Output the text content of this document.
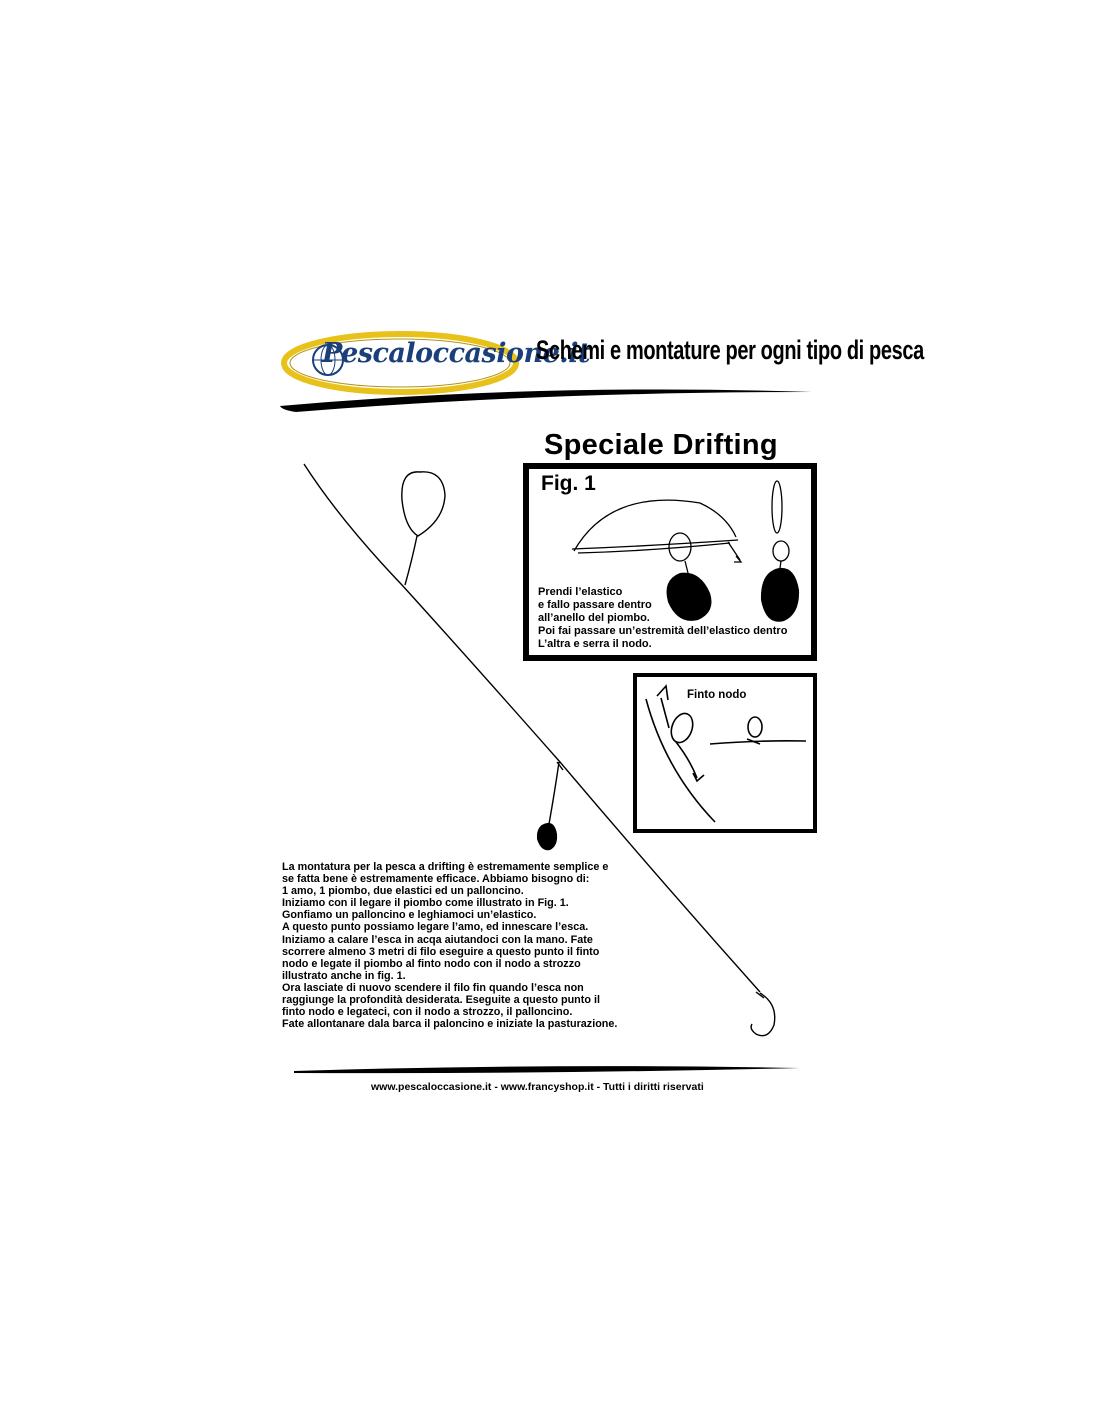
Pescaloccasione.it
Schemi e montature per ogni tipo di pesca
Speciale Drifting
Fig. 1
Prendi l’elastico
e fallo passare dentro
all’anello del piombo.
Poi fai passare un’estremità dell’elastico dentro
L’altra e serra il nodo.
Finto nodo
La montatura per la pesca a drifting è estremamente semplice e
se fatta bene è estremamente efficace. Abbiamo bisogno di:
1 amo, 1 piombo, due elastici ed un palloncino.
Iniziamo con il legare il piombo come illustrato in Fig. 1.
Gonfiamo un palloncino e leghiamoci un’elastico.
A questo punto possiamo legare l’amo, ed innescare l’esca.
Iniziamo a calare l’esca in acqa aiutandoci con la mano. Fate
scorrere almeno 3 metri di filo eseguire a questo punto il finto
nodo e legate il piombo al finto nodo con il nodo a strozzo
illustrato anche in fig. 1.
Ora lasciate di nuovo scendere il filo fin quando l’esca non
raggiunge la profondità desiderata. Eseguite a questo punto il
finto nodo e legateci, con il nodo a strozzo, il palloncino.
Fate allontanare dala barca il paloncino e iniziate la pasturazione.
www.pescaloccasione.it - www.francyshop.it - Tutti i diritti riservati
